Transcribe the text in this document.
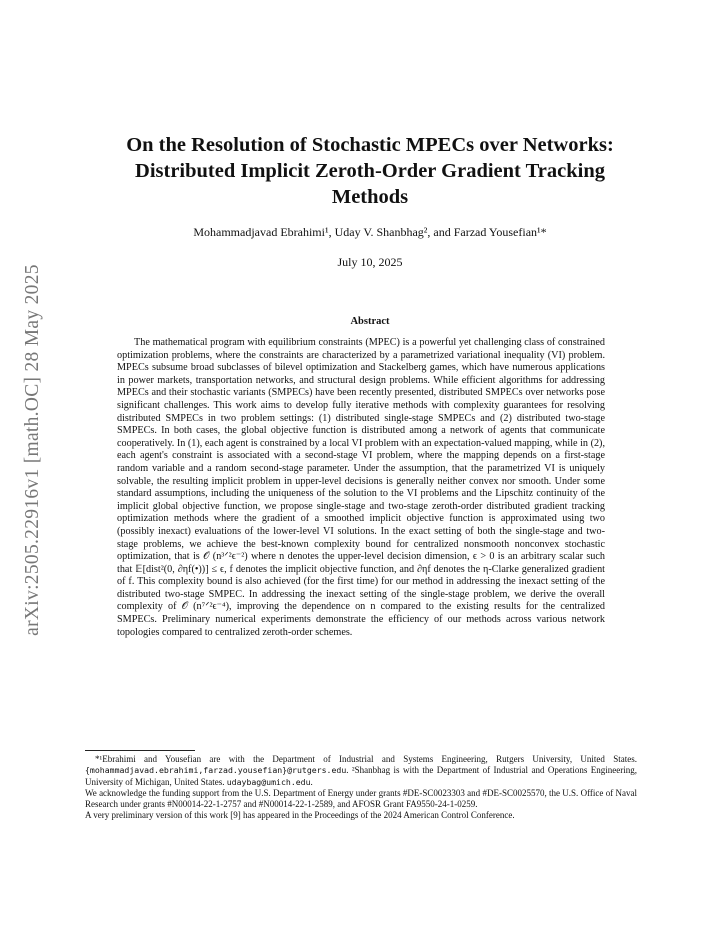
arXiv:2505.22916v1 [math.OC] 28 May 2025
On the Resolution of Stochastic MPECs over Networks:
Distributed Implicit Zeroth-Order Gradient Tracking
Methods
Mohammadjavad Ebrahimi¹, Uday V. Shanbhag², and Farzad Yousefian¹*
July 10, 2025
Abstract

The mathematical program with equilibrium constraints (MPEC) is a powerful yet challenging class of constrained optimization problems, where the constraints are characterized by a parametrized variational inequality (VI) problem. MPECs subsume broad subclasses of bilevel optimization and Stackelberg games, which have numerous applications in power markets, transportation networks, and structural design problems. While efficient algorithms for addressing MPECs and their stochastic variants (SMPECs) have been recently presented, distributed SMPECs over networks pose significant challenges. This work aims to develop fully iterative methods with complexity guarantees for resolving distributed SMPECs in two problem settings: (1) distributed single-stage SMPECs and (2) distributed two-stage SMPECs. In both cases, the global objective function is distributed among a network of agents that communicate cooperatively. In (1), each agent is constrained by a local VI problem with an expectation-valued mapping, while in (2), each agent's constraint is associated with a second-stage VI problem, where the mapping depends on a first-stage random variable and a random second-stage parameter. Under the assumption, that the parametrized VI is uniquely solvable, the resulting implicit problem in upper-level decisions is generally neither convex nor smooth. Under some standard assumptions, including the uniqueness of the solution to the VI problems and the Lipschitz continuity of the implicit global objective function, we propose single-stage and two-stage zeroth-order distributed gradient tracking optimization methods where the gradient of a smoothed implicit objective function is approximated using two (possibly inexact) evaluations of the lower-level VI solutions. In the exact setting of both the single-stage and two-stage problems, we achieve the best-known complexity bound for centralized nonsmooth nonconvex stochastic optimization, that is 𝒪 (n³ᐟ²ϵ⁻²) where n denotes the upper-level decision dimension, ϵ > 0 is an arbitrary scalar such that 𝔼[dist²(0, ∂ηf(•))] ≤ ϵ, f denotes the implicit objective function, and ∂ηf denotes the η-Clarke generalized gradient of f. This complexity bound is also achieved (for the first time) for our method in addressing the inexact setting of the distributed two-stage SMPEC. In addressing the inexact setting of the single-stage problem, we derive the overall complexity of 𝒪 (n⁷ᐟ²ϵ⁻⁴), improving the dependence on n compared to the existing results for the centralized SMPECs. Preliminary numerical experiments demonstrate the efficiency of our methods across various network topologies compared to centralized zeroth-order schemes.

*¹Ebrahimi and Yousefian are with the Department of Industrial and Systems Engineering, Rutgers University, United States. {mohammadjavad.ebrahimi,farzad.yousefian}@rutgers.edu. ²Shanbhag is with the Department of Industrial and Operations Engineering, University of Michigan, United States. udaybag@umich.edu.

We acknowledge the funding support from the U.S. Department of Energy under grants #DE-SC0023303 and #DE-SC0025570, the U.S. Office of Naval Research under grants #N00014-22-1-2757 and #N00014-22-1-2589, and AFOSR Grant FA9550-24-1-0259.

A very preliminary version of this work [9] has appeared in the Proceedings of the 2024 American Control Conference.
